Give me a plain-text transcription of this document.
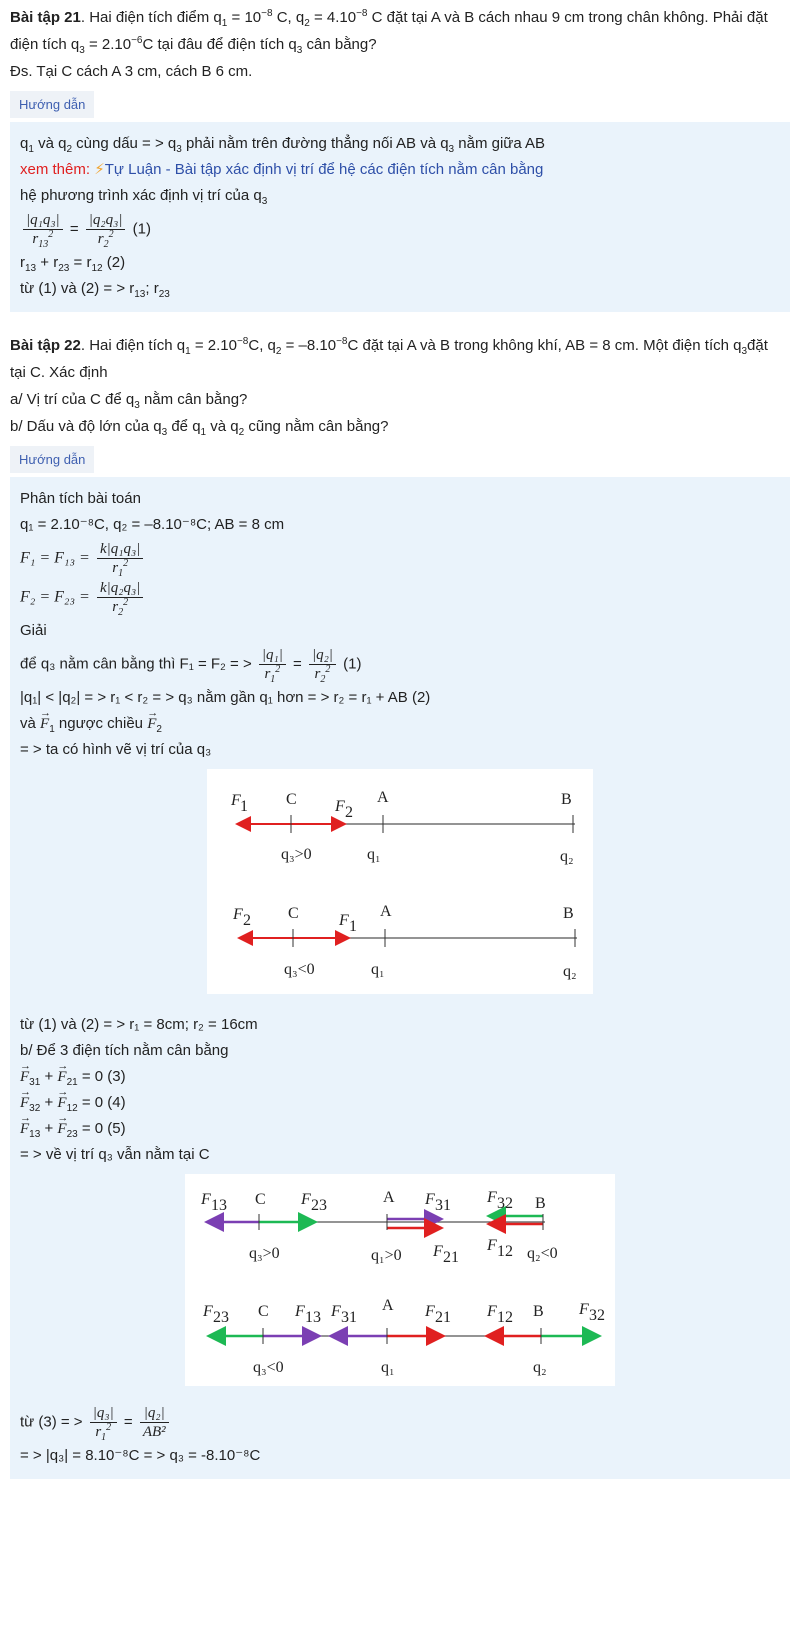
Bài tập 21. Hai điện tích điểm $q_1 = 10^{-8}$ C, $q_2 = 4.10^{-8}$ C đặt tại A và B cách nhau 9 cm trong chân không. Phải đặt
điện tích $q_3 = 2.10^{-6}C$ tại đâu để điện tích $q_3$ cân bằng?
Đs. Tại C cách A 3 cm, cách B 6 cm.
Hướng dẫn
$q_1$ và $q_2$ cùng dấu = > $q_3$ phải nằm trên đường thẳng nối AB và $q_3$ nằm giữa AB
xem thêm: ⚡Tự Luận - Bài tập xác định vị trí để hệ các điện tích nằm cân bằng
hệ phương trình xác định vị trí của $q_3$
$\frac{\text{|q₁q₃|}}{r_{13}^2} = \frac{\text{|q₂q₃|}}{r_2^2} (1)$
$r_{13} + r_{23} = r_{12}$ (2)
từ (1) và (2) = > $r_{13}$; $r_{23}$
Bài tập 22. Hai điện tích $q_1 = 2.10^{-8}C$, $q_2 = -8.10^{-8}C$ đặt tại A và B trong không khí, AB = 8 cm. Một điện tích $q_3đặt$
tại C. Xác định
a/ Vị trí của C để $q_3$ nằm cân bằng?
b/ Dấu và độ lớn của $q_3$ để $q_1$ và $q_2$ cũng nằm cân bằng?
Hướng dẫn
Phân tích bài toán
q₁ = 2.10⁻⁸C, q₂ = –8.10⁻⁸C; AB = 8 cm
$F_1 = F_{13} = \frac{\text{k|q₁q₃|}}{r_1^2}$
$F_2 = F_{23} = \frac{\text{k|q₂q₃|}}{r_2^2}$
Giải
để q₃ nằm cân bằng thì F₁ = F₂ = > $\frac{\text{|q₁|}}{r_1^2} = \frac{\text{|q₂|}}{r_2^2} (1)$
|q₁| < |q₂| = > r₁ < r₂ = > q₃ nằm gần q₁ hơn = > r₂ = r₁ + AB (2)
và → $F_1$ ngược chiều → $F_2$
= > ta có hình vẽ vị trí của q₃
F 1 C F 2
A	B
q₃>0	q₁	q₂
F 2 C	F 1
A	B
q₃<0	q₁	q₂
từ (1) và (2) = > r₁ = 8cm; r₂ = 16cm
b/ Để 3 điện tích nằm cân bằng
→ $F_{31}$ + → $F_{21} = 0$ (3)
→ $F_{32}$ + → $F_{12} = 0$ (4)
→ $F_{13}$ + → $F_{23} = 0$ (5)
= > về vị trí q₃ vẫn nằm tại C
F 13 C F 23	A F 31 F 32 B
F 21
F 12
q₃>0	q₁>0	q₂<0
F 23 C F 13 F 31
A F 21 F 12 B F 32
q₃<0	q₁	q₂
từ (3) = > $\frac{\text{|q₃|}}{r_1^2} = \frac{\text{|q₂|}}{\text{AB²}}$
= > |q₃| = 8.10⁻⁸C = > q₃ = -8.10⁻⁸C
